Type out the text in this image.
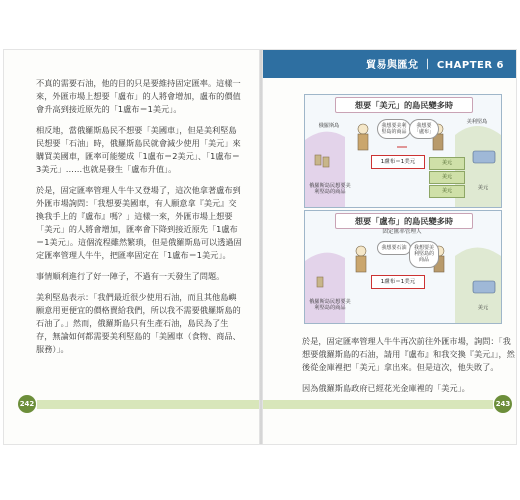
貿易與匯兌 ｜ CHAPTER 6

不真的需要石油，他的目的只是要維持固定匯率。這樣一來，外匯市場上想要「盧布」的人將會增加，盧布的價值會升高到接近原先的「1盧布＝1美元」。

相反地，當俄羅斯島民不想要「美國車」，但是美利堅島民想要「石油」時，俄羅斯島民就會減少使用「美元」來購買美國車，匯率可能變成「1盧布＝2美元」、「1盧布＝3美元」……也就是發生「盧布升值」。

於是，固定匯率管理人牛牛又登場了，這次他拿著盧布到外匯市場詢問：「我想要美國車，有人願意拿『美元』交換我手上的『盧布』嗎？」這樣一來，外匯市場上想要「美元」的人將會增加，匯率會下降到接近原先「1盧布＝1美元」。這個流程雖然繁瑣，但是俄羅斯島可以透過固定匯率管理人牛牛，把匯率固定在「1盧布＝1美元」。

事情順利進行了好一陣子，不過有一天發生了問題。

美利堅島表示：「我們最近很少使用石油，而且其他島嶼願意用更便宜的價格賣給我們，所以我不需要俄羅斯島的石油了。」然而，俄羅斯島只有生產石油，島民為了生存，無論如何都需要美利堅島的「美國車（食物、商品、服務）」。

想要「美元」的島民變多時
俄羅斯島
美利堅島
我想要美利堅島的商品
我想要「盧布」
1盧布＝1美元	美元
美元
美元
俄羅斯島民想要美利堅島的商品
美元
想要「盧布」的島民變多時
固定匯率管理人
我想要石油	我想要美利堅島的商品
1盧布＝1美元
俄羅斯島民想要美利堅島的商品	美元

於是，固定匯率管理人牛牛再次前往外匯市場，詢問：「我想要俄羅斯島的石油，請用『盧布』和我交換『美元』」，然後從金庫裡把「美元」拿出來。但是這次，他失敗了。

因為俄羅斯島政府已經花光金庫裡的「美元」。

242	243
